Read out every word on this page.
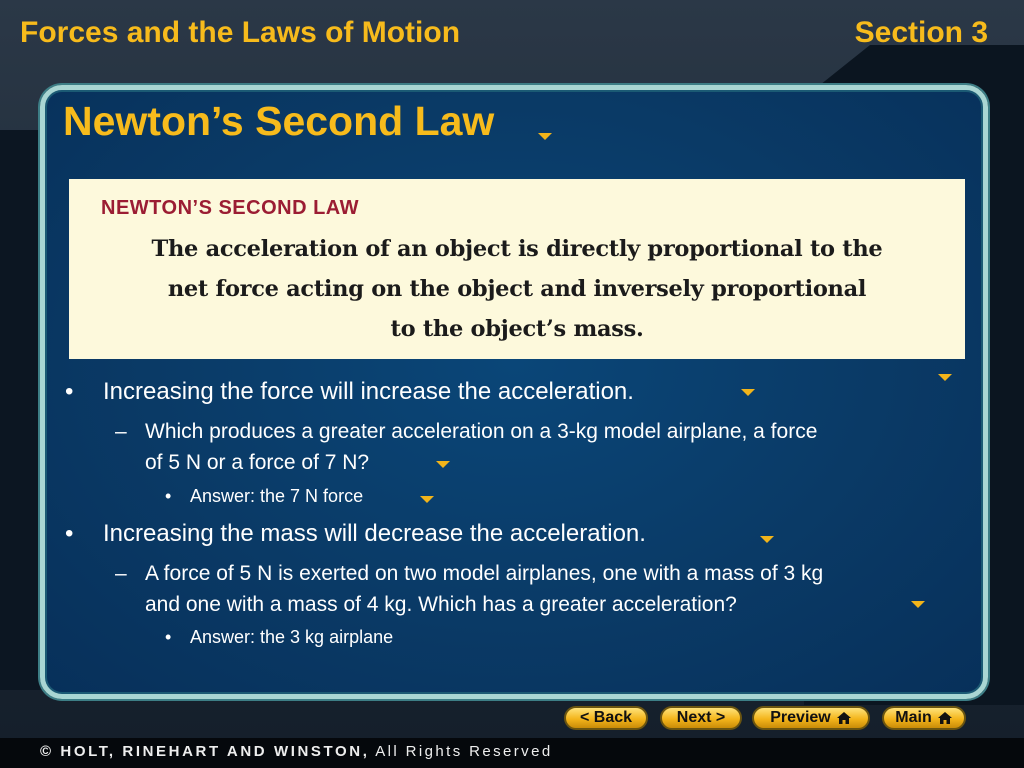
Forces and the Laws of Motion	Section 3
Newton’s Second Law
NEWTON’S SECOND LAW
The acceleration of an object is directly proportional to the
net force acting on the object and inversely proportional
to the object’s mass.
• Increasing the force will increase the acceleration.
– Which produces a greater acceleration on a 3-kg model airplane, a force
of 5 N or a force of 7 N?
• Answer: the 7 N force
• Increasing the mass will decrease the acceleration.
– A force of 5 N is exerted on two model airplanes, one with a mass of 3 kg
and one with a mass of 4 kg. Which has a greater acceleration?
• Answer: the 3 kg airplane
< Back	Next >	Preview	Main
© HOLT, RINEHART AND WINSTON, All Rights Reserved
